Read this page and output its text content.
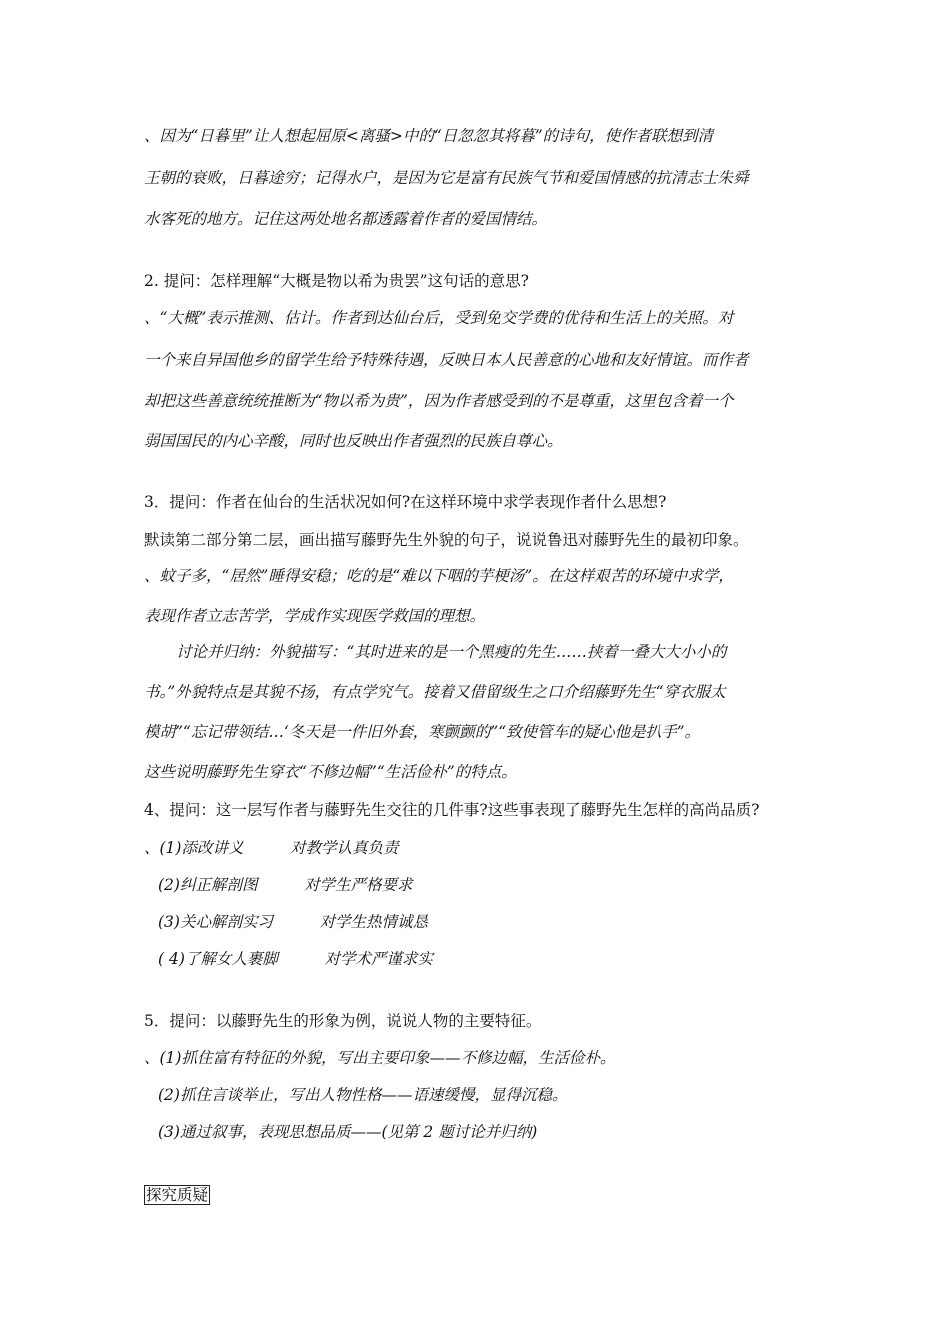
、因为“日暮里”让人想起屈原<离骚>中的“日忽忽其将暮”的诗句，使作者联想到清
王朝的衰败，日暮途穷；记得水户，是因为它是富有民族气节和爱国情感的抗清志士朱舜
水客死的地方。记住这两处地名都透露着作者的爱国情结。
2. 提问：怎样理解“大概是物以希为贵罢”这句话的意思?
、“大概”表示推测、估计。作者到达仙台后，受到免交学费的优待和生活上的关照。对
一个来自异国他乡的留学生给予特殊待遇，反映日本人民善意的心地和友好情谊。而作者
却把这些善意统统推断为“物以希为贵”，因为作者感受到的不是尊重，这里包含着一个
弱国国民的内心辛酸，同时也反映出作者强烈的民族自尊心。
3．提问：作者在仙台的生活状况如何?在这样环境中求学表现作者什么思想?
默读第二部分第二层，画出描写藤野先生外貌的句子，说说鲁迅对藤野先生的最初印象。
、蚊子多，“居然”睡得安稳；吃的是“难以下咽的芋梗汤”。在这样艰苦的环境中求学，
表现作者立志苦学，学成作实现医学救国的理想。
讨论并归纳：外貌描写：“其时进来的是一个黑瘦的先生……挟着一叠大大小小的
书。”外貌特点是其貌不扬，有点学究气。接着又借留级生之口介绍藤野先生“穿衣服太
模胡”“忘记带领结…‘冬天是一件旧外套，寒颤颤的”“致使管车的疑心他是扒手”。
这些说明藤野先生穿衣“不修边幅”“生活俭朴”的特点。
4、提问：这一层写作者与藤野先生交往的几件事?这些事表现了藤野先生怎样的高尚品质?
、(1)添改讲义　　　对教学认真负责
(2)纠正解剖图　　　对学生严格要求
(3)关心解剖实习　　　对学生热情诚恳
( 4)了解女人裹脚　　　对学术严谨求实
5．提问：以藤野先生的形象为例，说说人物的主要特征。
、(1)抓住富有特征的外貌，写出主要印象——不修边幅，生活俭朴。
(2)抓住言谈举止，写出人物性格——语速缓慢，显得沉稳。
(3)通过叙事，表现思想品质——(见第 2 题讨论并归纳)
探究质疑
